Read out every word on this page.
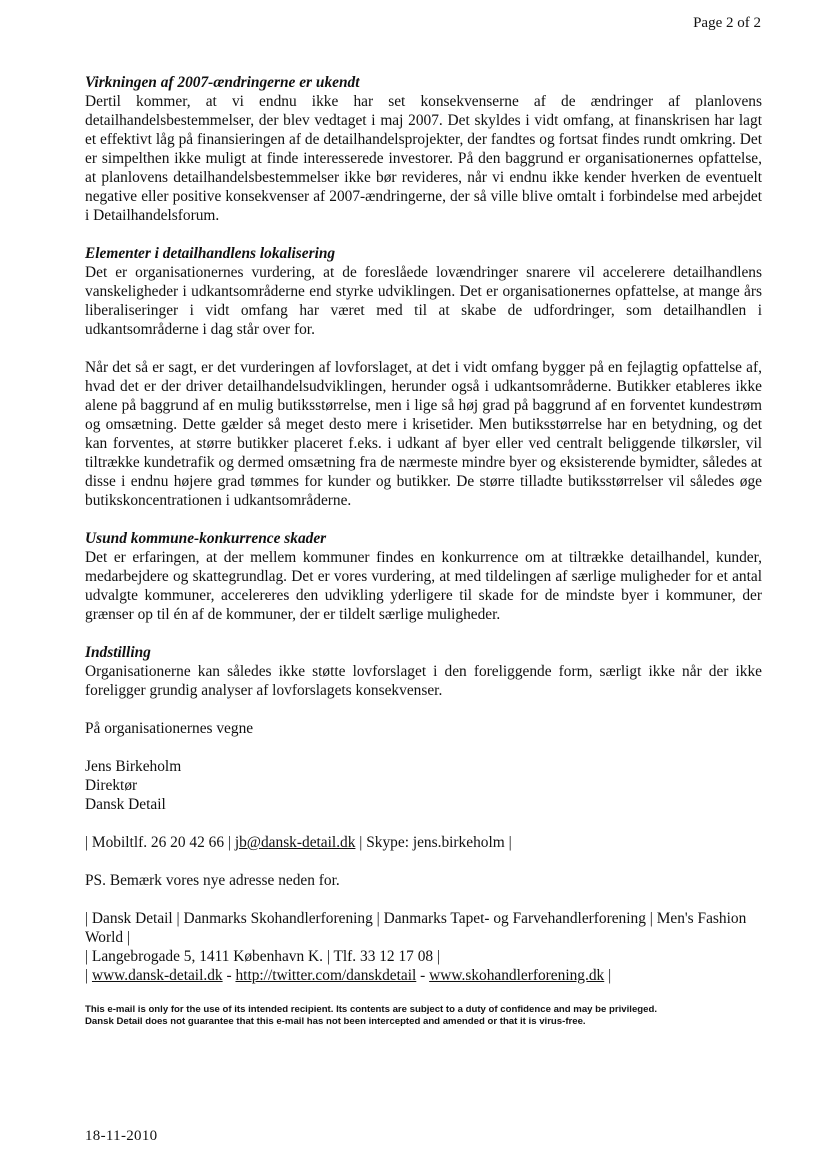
Page 2 of 2

Virkningen af 2007-ændringerne er ukendt

Dertil kommer, at vi endnu ikke har set konsekvenserne af de ændringer af planlovens detailhandelsbestemmelser, der blev vedtaget i maj 2007. Det skyldes i vidt omfang, at finanskrisen har lagt et effektivt låg på finansieringen af de detailhandelsprojekter, der fandtes og fortsat findes rundt omkring. Det er simpelthen ikke muligt at finde interesserede investorer. På den baggrund er organisationernes opfattelse, at planlovens detailhandelsbestemmelser ikke bør revideres, når vi endnu ikke kender hverken de eventuelt negative eller positive konsekvenser af 2007-ændringerne, der så ville blive omtalt i forbindelse med arbejdet i Detailhandelsforum.

Elementer i detailhandlens lokalisering

Det er organisationernes vurdering, at de foreslåede lovændringer snarere vil accelerere detailhandlens vanskeligheder i udkantsområderne end styrke udviklingen. Det er organisationernes opfattelse, at mange års liberaliseringer i vidt omfang har været med til at skabe de udfordringer, som detailhandlen i udkantsområderne i dag står over for.

Når det så er sagt, er det vurderingen af lovforslaget, at det i vidt omfang bygger på en fejlagtig opfattelse af, hvad det er der driver detailhandelsudviklingen, herunder også i udkantsområderne. Butikker etableres ikke alene på baggrund af en mulig butiksstørrelse, men i lige så høj grad på baggrund af en forventet kundestrøm og omsætning. Dette gælder så meget desto mere i krisetider. Men butiksstørrelse har en betydning, og det kan forventes, at større butikker placeret f.eks. i udkant af byer eller ved centralt beliggende tilkørsler, vil tiltrække kundetrafik og dermed omsætning fra de nærmeste mindre byer og eksisterende bymidter, således at disse i endnu højere grad tømmes for kunder og butikker. De større tilladte butiksstørrelser vil således øge butikskoncentrationen i udkantsområderne.

Usund kommune-konkurrence skader

Det er erfaringen, at der mellem kommuner findes en konkurrence om at tiltrække detailhandel, kunder, medarbejdere og skattegrundlag. Det er vores vurdering, at med tildelingen af særlige muligheder for et antal udvalgte kommuner, accelereres den udvikling yderligere til skade for de mindste byer i kommuner, der grænser op til én af de kommuner, der er tildelt særlige muligheder.

Indstilling

Organisationerne kan således ikke støtte lovforslaget i den foreliggende form, særligt ikke når der ikke foreligger grundig analyser af lovforslagets konsekvenser.

På organisationernes vegne

Jens Birkeholm

Direktør

Dansk Detail

| Mobiltlf. 26 20 42 66 | jb@dansk-detail.dk | Skype: jens.birkeholm |

PS. Bemærk vores nye adresse neden for.

| Dansk Detail | Danmarks Skohandlerforening | Danmarks Tapet- og Farvehandlerforening | Men's Fashion World |

| Langebrogade 5, 1411 København K. | Tlf. 33 12 17 08 |

| www.dansk-detail.dk - http://twitter.com/danskdetail - www.skohandlerforening.dk |

This e-mail is only for the use of its intended recipient. Its contents are subject to a duty of confidence and may be privileged.

Dansk Detail does not guarantee that this e-mail has not been intercepted and amended or that it is virus-free.

18-11-2010
